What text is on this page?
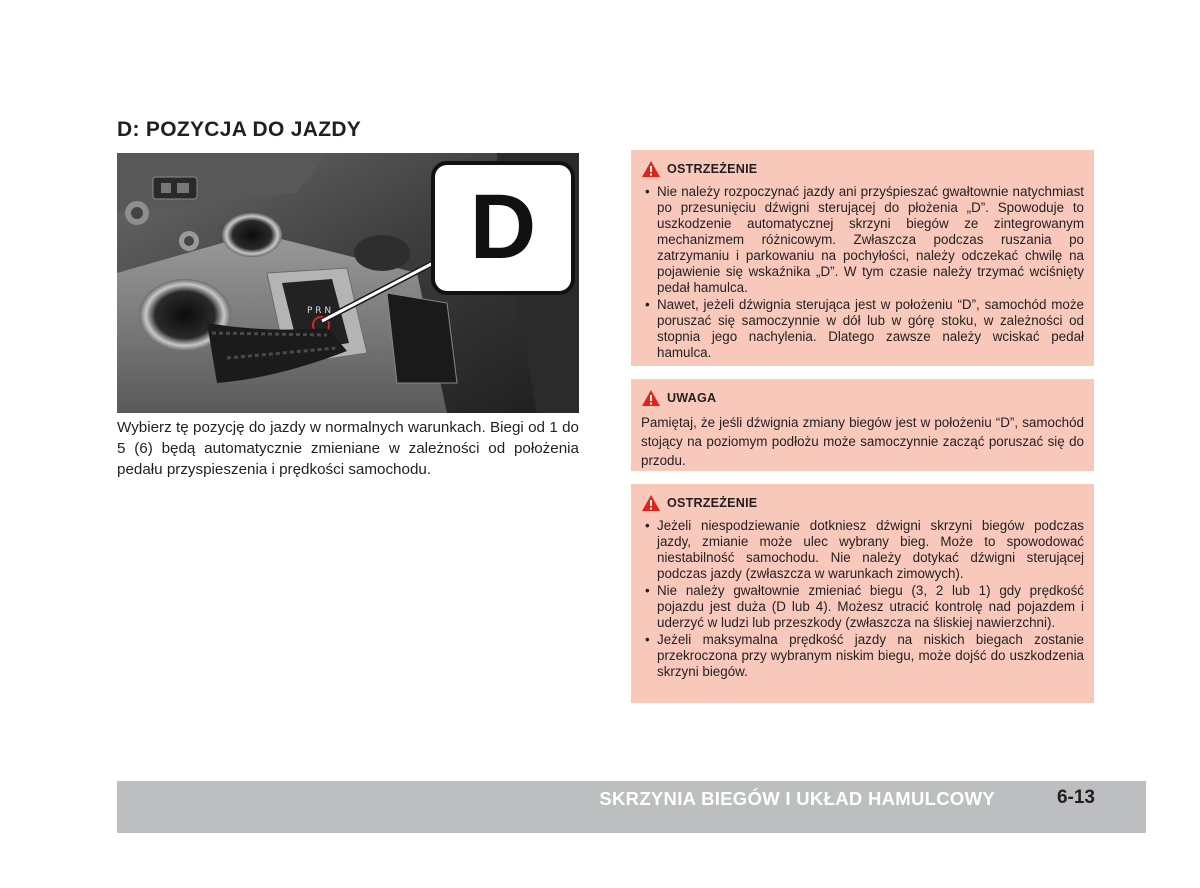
D: POZYCJA DO JAZDY
P R N
D
Wybierz tę pozycję do jazdy w normalnych warunkach. Biegi od 1 do 5 (6) będą automatycznie zmieniane w zależności od położenia pedału przyspieszenia i prędkości samochodu.
OSTRZEŻENIE
• Nie należy rozpoczynać jazdy ani przyśpieszać gwałtownie natychmiast po przesunięciu dźwigni sterującej do płożenia „D”. Spowoduje to uszkodzenie automatycznej skrzyni biegów ze zintegrowanym mechanizmem różnicowym. Zwłaszcza podczas ruszania po zatrzymaniu i parkowaniu na pochyłości, należy odczekać chwilę na pojawienie się wskaźnika „D”. W tym czasie należy trzymać wciśnięty pedał hamulca.
• Nawet, jeżeli dźwignia sterująca jest w położeniu “D”, samochód może poruszać się samoczynnie w dół lub w górę stoku, w zależności od stopnia jego nachylenia. Dlatego zawsze należy wciskać pedał hamulca.
UWAGA

Pamiętaj, że jeśli dźwignia zmiany biegów jest w położeniu “D”, samochód stojący na poziomym podłożu może samoczynnie zacząć poruszać się do przodu.

OSTRZEŻENIE
• Jeżeli niespodziewanie dotkniesz dźwigni skrzyni biegów podczas jazdy, zmianie może ulec wybrany bieg. Może to spowodować niestabilność samochodu. Nie należy dotykać dźwigni sterującej podczas jazdy (zwłaszcza w warunkach zimowych).
• Nie należy gwałtownie zmieniać biegu (3, 2 lub 1) gdy prędkość pojazdu jest duża (D lub 4). Możesz utracić kontrolę nad pojazdem i uderzyć w ludzi lub przeszkody (zwłaszcza na śliskiej nawierzchni).
• Jeżeli maksymalna prędkość jazdy na niskich biegach zostanie przekroczona przy wybranym niskim biegu, może dojść do uszkodzenia skrzyni biegów.
SKRZYNIA BIEGÓW I UKŁAD HAMULCOWY	6-13
